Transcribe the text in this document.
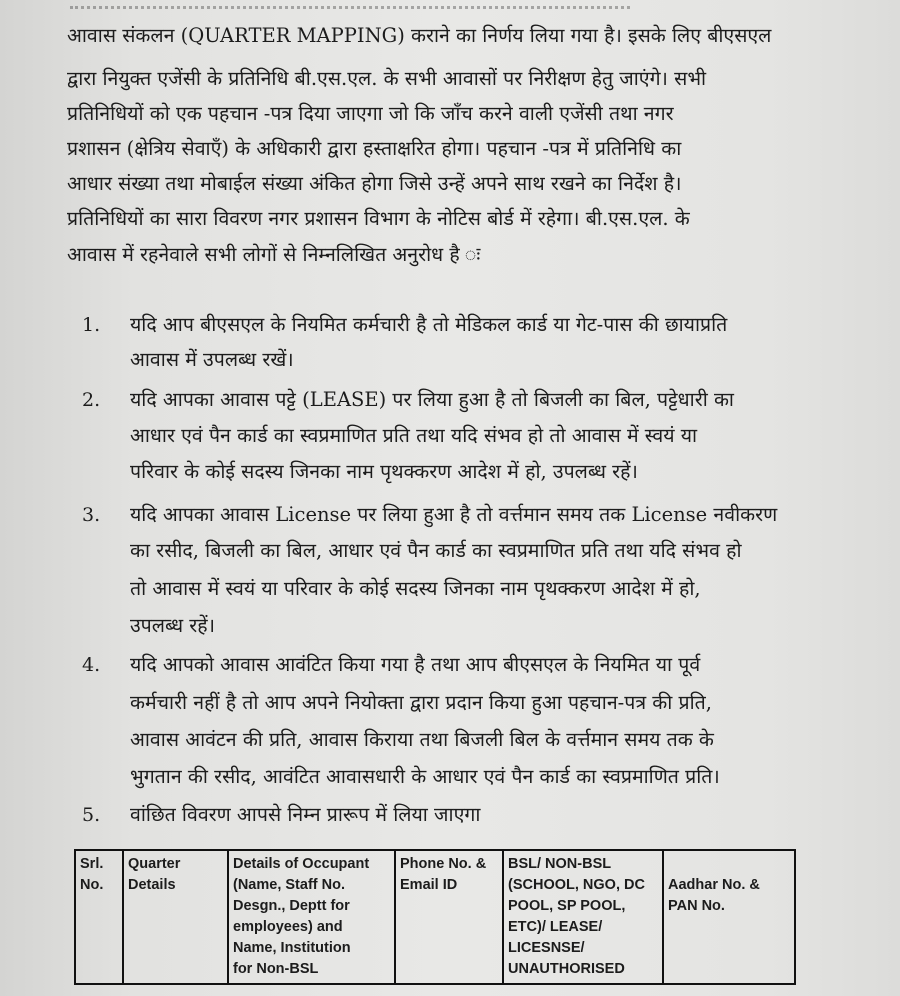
आवास संकलन (QUARTER MAPPING) कराने का निर्णय लिया गया है। इसके लिए बीएसएल
द्वारा नियुक्त एजेंसी के प्रतिनिधि बी.एस.एल. के सभी आवासों पर निरीक्षण हेतु जाएंगे। सभी
प्रतिनिधियों को एक पहचान -पत्र दिया जाएगा जो कि जाँच करने वाली एजेंसी तथा नगर
प्रशासन (क्षेत्रिय सेवाएँ) के अधिकारी द्वारा हस्ताक्षरित होगा। पहचान -पत्र में प्रतिनिधि का
आधार संख्या तथा मोबाईल संख्या अंकित होगा जिसे उन्हें अपने साथ रखने का निर्देश है।
प्रतिनिधियों का सारा विवरण नगर प्रशासन विभाग के नोटिस बोर्ड में रहेगा। बी.एस.एल. के
आवास में रहनेवाले सभी लोगों से निम्नलिखित अनुरोध है ः
1. यदि आप बीएसएल के नियमित कर्मचारी है तो मेडिकल कार्ड या गेट-पास की छायाप्रति
आवास में उपलब्ध रखें।
2. यदि आपका आवास पट्टे (LEASE) पर लिया हुआ है तो बिजली का बिल, पट्टेधारी का
आधार एवं पैन कार्ड का स्वप्रमाणित प्रति तथा यदि संभव हो तो आवास में स्वयं या
परिवार के कोई सदस्य जिनका नाम पृथक्करण आदेश में हो, उपलब्ध रहें।
3. यदि आपका आवास License पर लिया हुआ है तो वर्त्तमान समय तक License नवीकरण
का रसीद, बिजली का बिल, आधार एवं पैन कार्ड का स्वप्रमाणित प्रति तथा यदि संभव हो
तो आवास में स्वयं या परिवार के कोई सदस्य जिनका नाम पृथक्करण आदेश में हो,
उपलब्ध रहें।
4. यदि आपको आवास आवंटित किया गया है तथा आप बीएसएल के नियमित या पूर्व
कर्मचारी नहीं है तो आप अपने नियोक्ता द्वारा प्रदान किया हुआ पहचान-पत्र की प्रति,
आवास आवंटन की प्रति, आवास किराया तथा बिजली बिल के वर्त्तमान समय तक के
भुगतान की रसीद, आवंटित आवासधारी के आधार एवं पैन कार्ड का स्वप्रमाणित प्रति।
5. वांछित विवरण आपसे निम्न प्रारूप में लिया जाएगा
Srl.
No.

Quarter
Details

Details of Occupant
(Name, Staff No.
Desgn., Deptt for
employees) and
Name, Institution
for Non-BSL

Phone No. &
Email ID

BSL/ NON-BSL
(SCHOOL, NGO, DC
POOL, SP POOL,
ETC)/ LEASE/
LICESNSE/
UNAUTHORISED

Aadhar No. &
PAN No.
